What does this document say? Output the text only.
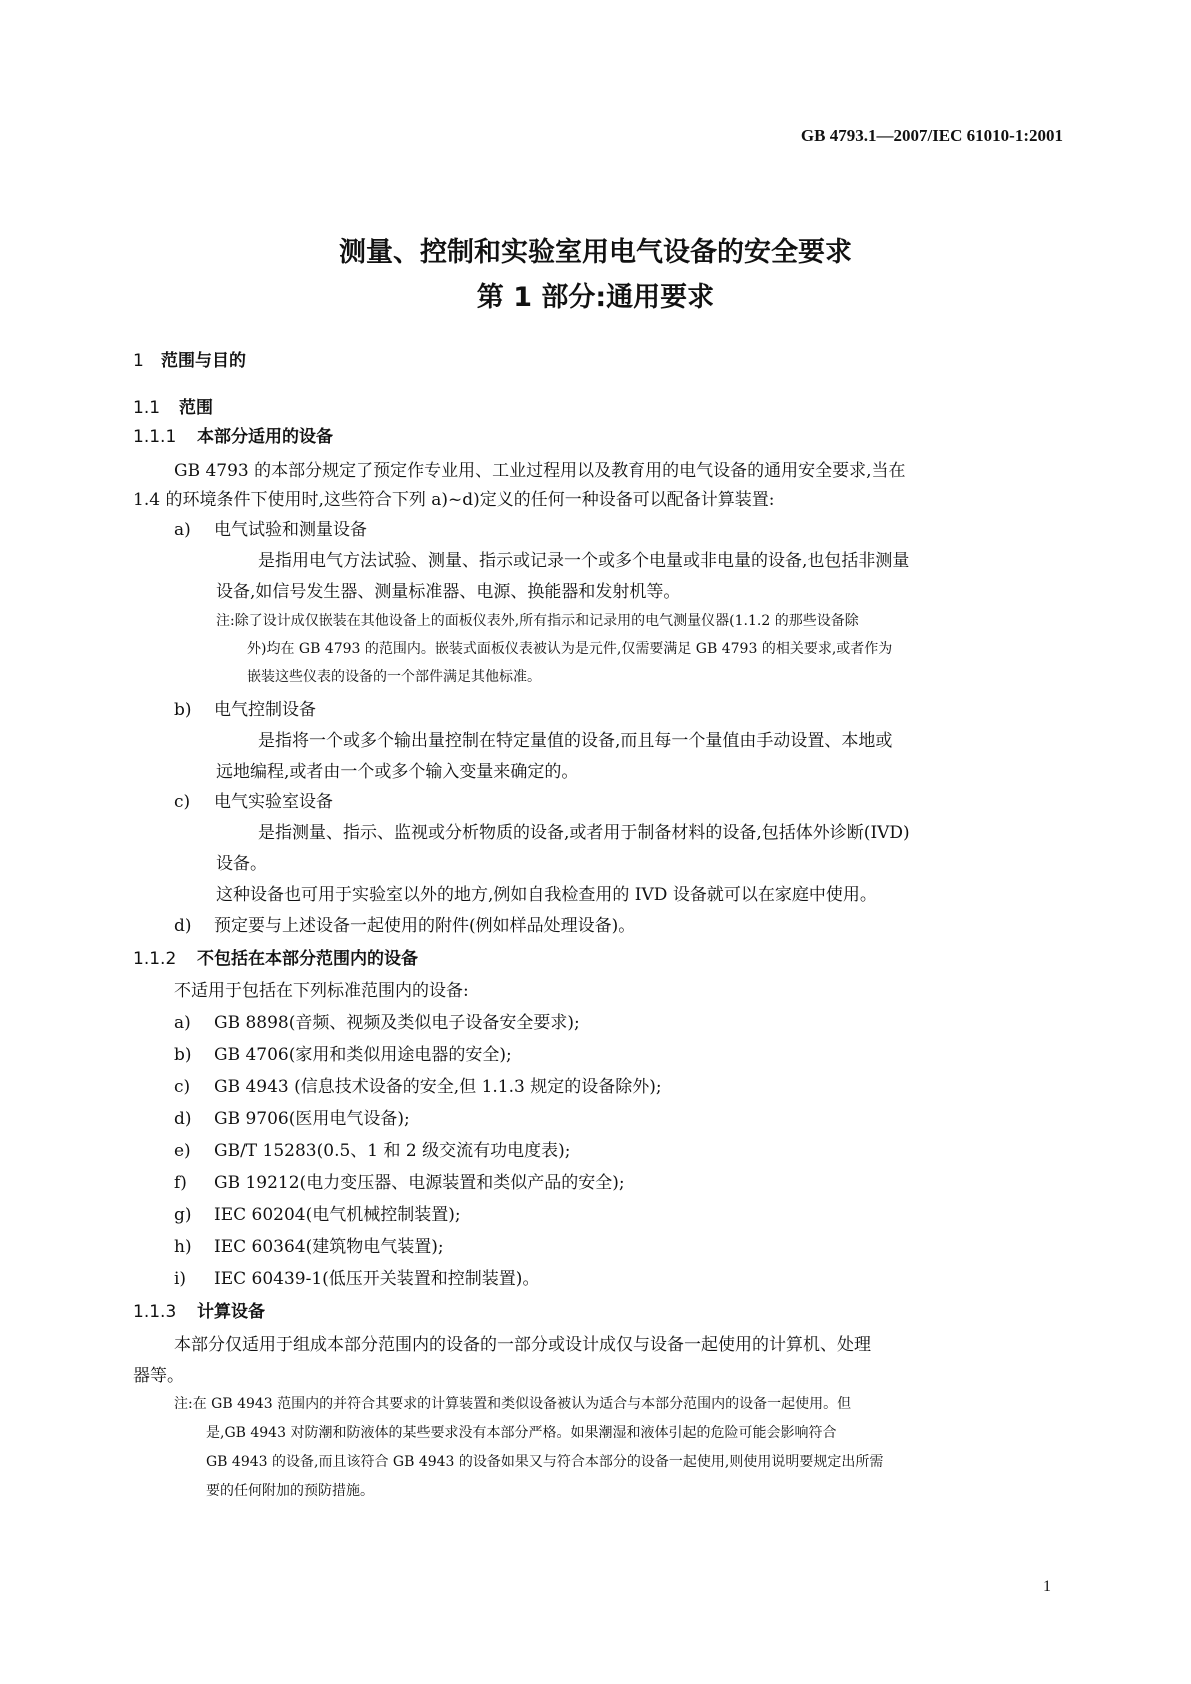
GB 4793.1—2007/IEC 61010-1:2001
测量、控制和实验室用电气设备的安全要求
第 1 部分:通用要求
1 范围与目的
1.1 范围
1.1.1 本部分适用的设备
GB 4793 的本部分规定了预定作专业用、工业过程用以及教育用的电气设备的通用安全要求,当在
1.4 的环境条件下使用时,这些符合下列 a)~d)定义的任何一种设备可以配备计算装置:
a) 电气试验和测量设备
是指用电气方法试验、测量、指示或记录一个或多个电量或非电量的设备,也包括非测量
设备,如信号发生器、测量标准器、电源、换能器和发射机等。
注:除了设计成仅嵌装在其他设备上的面板仪表外,所有指示和记录用的电气测量仪器(1.1.2 的那些设备除
外)均在 GB 4793 的范围内。嵌装式面板仪表被认为是元件,仅需要满足 GB 4793 的相关要求,或者作为
嵌装这些仪表的设备的一个部件满足其他标准。
b) 电气控制设备
是指将一个或多个输出量控制在特定量值的设备,而且每一个量值由手动设置、本地或
远地编程,或者由一个或多个输入变量来确定的。
c) 电气实验室设备
是指测量、指示、监视或分析物质的设备,或者用于制备材料的设备,包括体外诊断(IVD)
设备。
这种设备也可用于实验室以外的地方,例如自我检查用的 IVD 设备就可以在家庭中使用。
d) 预定要与上述设备一起使用的附件(例如样品处理设备)。
1.1.2 不包括在本部分范围内的设备
不适用于包括在下列标准范围内的设备:
a) GB 8898(音频、视频及类似电子设备安全要求);
b) GB 4706(家用和类似用途电器的安全);
c) GB 4943 (信息技术设备的安全,但 1.1.3 规定的设备除外);
d) GB 9706(医用电气设备);
e) GB/T 15283(0.5、1 和 2 级交流有功电度表);
f) GB 19212(电力变压器、电源装置和类似产品的安全);
g) IEC 60204(电气机械控制装置);
h) IEC 60364(建筑物电气装置);
i) IEC 60439-1(低压开关装置和控制装置)。
1.1.3 计算设备
本部分仅适用于组成本部分范围内的设备的一部分或设计成仅与设备一起使用的计算机、处理
器等。
注:在 GB 4943 范围内的并符合其要求的计算装置和类似设备被认为适合与本部分范围内的设备一起使用。但
是,GB 4943 对防潮和防液体的某些要求没有本部分严格。如果潮湿和液体引起的危险可能会影响符合
GB 4943 的设备,而且该符合 GB 4943 的设备如果又与符合本部分的设备一起使用,则使用说明要规定出所需
要的任何附加的预防措施。
1
